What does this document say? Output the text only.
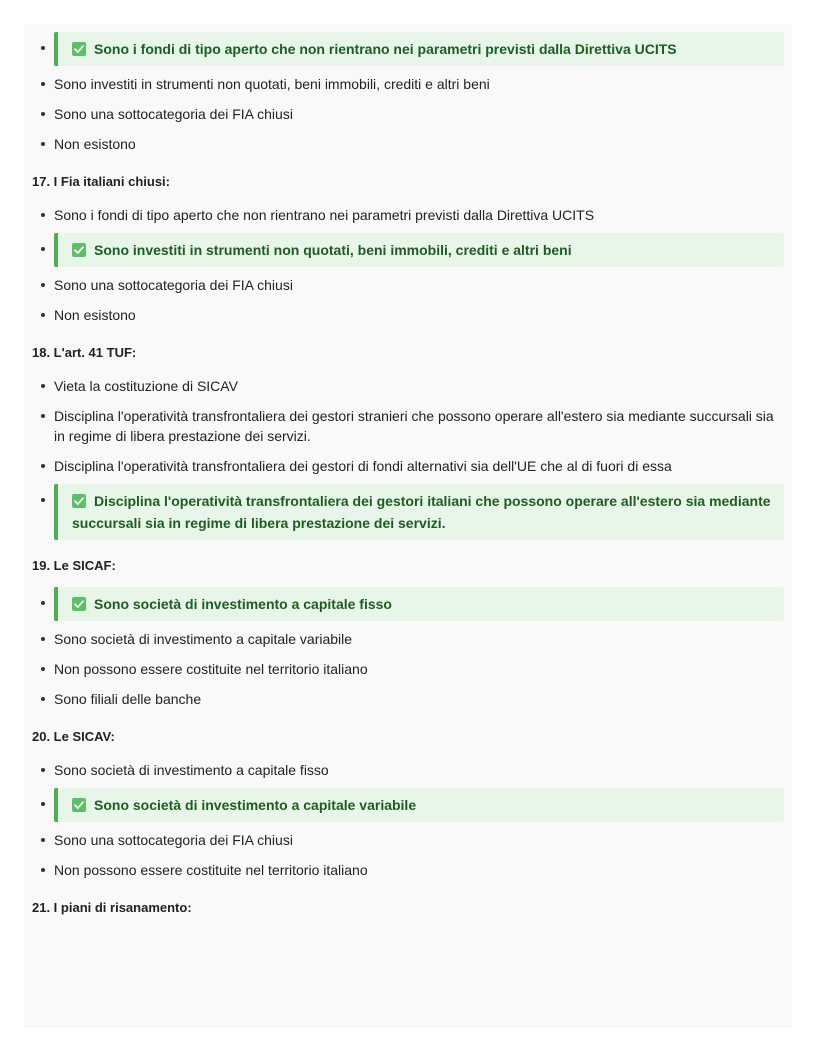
Sono i fondi di tipo aperto che non rientrano nei parametri previsti dalla Direttiva UCITS
Sono investiti in strumenti non quotati, beni immobili, crediti e altri beni
Sono una sottocategoria dei FIA chiusi
Non esistono
17. I Fia italiani chiusi:
Sono i fondi di tipo aperto che non rientrano nei parametri previsti dalla Direttiva UCITS
Sono investiti in strumenti non quotati, beni immobili, crediti e altri beni
Sono una sottocategoria dei FIA chiusi
Non esistono
18. L'art. 41 TUF:
Vieta la costituzione di SICAV
Disciplina l'operatività transfrontaliera dei gestori stranieri che possono operare all'estero sia mediante succursali sia in regime di libera prestazione dei servizi.
Disciplina l'operatività transfrontaliera dei gestori di fondi alternativi sia dell'UE che al di fuori di essa
Disciplina l'operatività transfrontaliera dei gestori italiani che possono operare all'estero sia mediante succursali sia in regime di libera prestazione dei servizi.
19. Le SICAF:
Sono società di investimento a capitale fisso
Sono società di investimento a capitale variabile
Non possono essere costituite nel territorio italiano
Sono filiali delle banche
20. Le SICAV:
Sono società di investimento a capitale fisso
Sono società di investimento a capitale variabile
Sono una sottocategoria dei FIA chiusi
Non possono essere costituite nel territorio italiano
21. I piani di risanamento:
